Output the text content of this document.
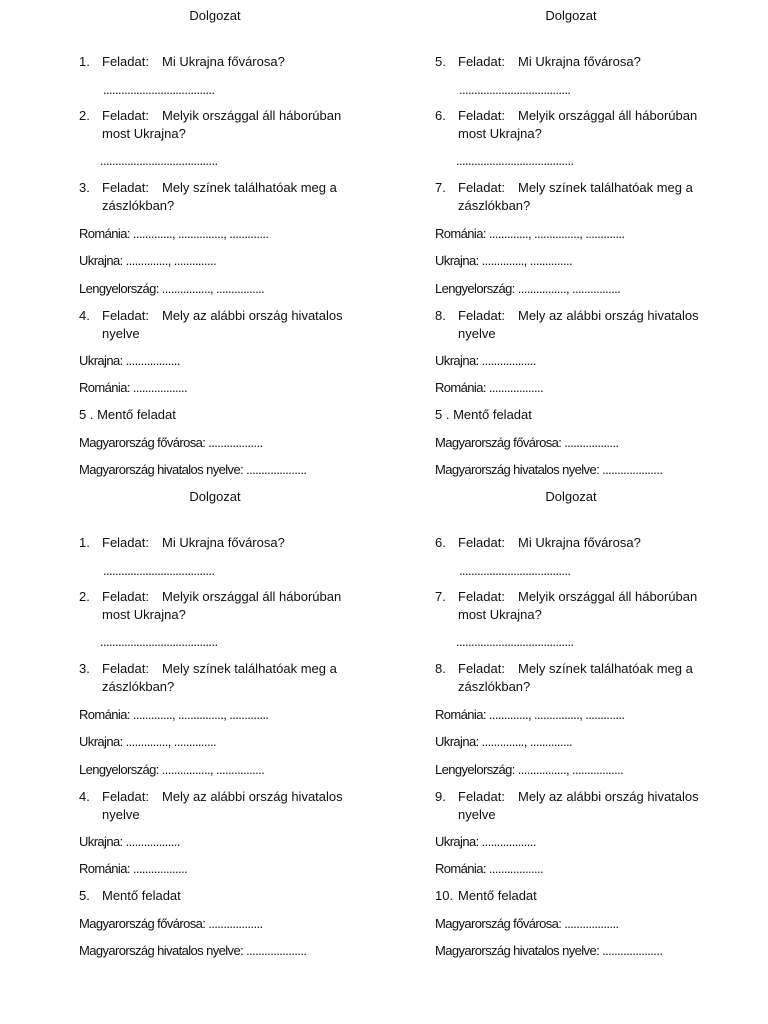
Dolgozat
1. Feladat: Mi Ukrajna fővárosa?
.....................................
2. Feladat: Melyik országgal áll háborúban most Ukrajna?
.......................................
3. Feladat: Mely színek találhatóak meg a zászlókban?
Románia: ............., ..............., .............
Ukrajna: .............., ..............
Lengyelország: ................, ................
4. Feladat: Mely az alábbi ország hivatalos nyelve
Ukrajna: ..................
Románia: ..................
5 . Mentő feladat
Magyarország fővárosa: ..................
Magyarország hivatalos nyelve: ....................
Dolgozat
5. Feladat: Mi Ukrajna fővárosa?
.....................................
6. Feladat: Melyik országgal áll háborúban most Ukrajna?
.......................................
7. Feladat: Mely színek találhatóak meg a zászlókban?
Románia: ............., ..............., .............
Ukrajna: .............., ..............
Lengyelország: ................, ................
8. Feladat: Mely az alábbi ország hivatalos nyelve
Ukrajna: ..................
Románia: ..................
5 . Mentő feladat
Magyarország fővárosa: ..................
Magyarország hivatalos nyelve: ....................
Dolgozat
1. Feladat: Mi Ukrajna fővárosa?
.....................................
2. Feladat: Melyik országgal áll háborúban most Ukrajna?
.......................................
3. Feladat: Mely színek találhatóak meg a zászlókban?
Románia: ............., ..............., .............
Ukrajna: .............., ..............
Lengyelország: ................, ................
4. Feladat: Mely az alábbi ország hivatalos nyelve
Ukrajna: ..................
Románia: ..................
5. Mentő feladat
Magyarország fővárosa: ..................
Magyarország hivatalos nyelve: ....................
Dolgozat
6. Feladat: Mi Ukrajna fővárosa?
.....................................
7. Feladat: Melyik országgal áll háborúban most Ukrajna?
.......................................
8. Feladat: Mely színek találhatóak meg a zászlókban?
Románia: ............., ..............., .............
Ukrajna: .............., ..............
Lengyelország: ................, .................
9. Feladat: Mely az alábbi ország hivatalos nyelve
Ukrajna: ..................
Románia: ..................
10. Mentő feladat
Magyarország fővárosa: ..................
Magyarország hivatalos nyelve: ....................
